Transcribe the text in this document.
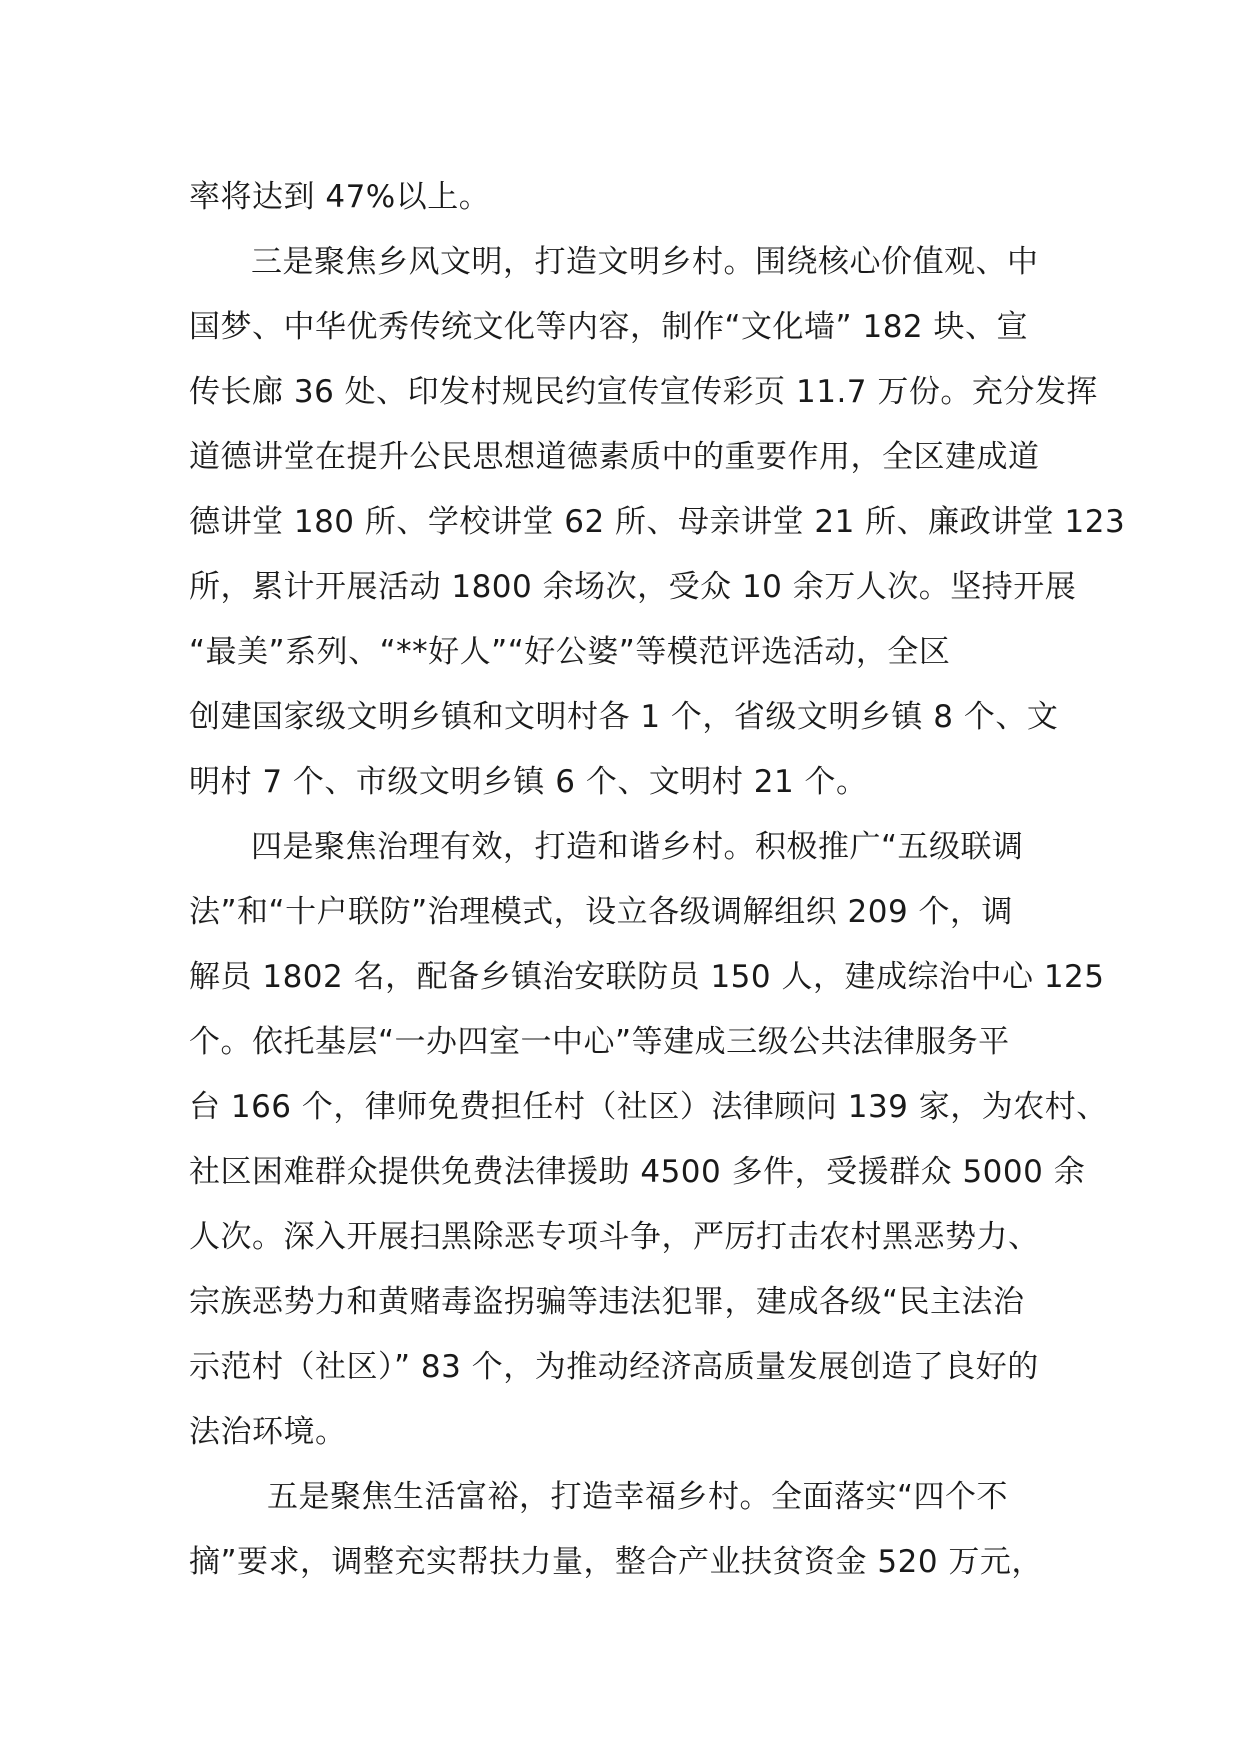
率将达到 47%以上。
三是聚焦乡风文明，打造文明乡村。围绕核心价值观、中
国梦、中华优秀传统文化等内容，制作“文化墙” 182 块、宣
传长廊 36 处、印发村规民约宣传宣传彩页 11.7 万份。充分发挥
道德讲堂在提升公民思想道德素质中的重要作用，全区建成道
德讲堂 180 所、学校讲堂 62 所、母亲讲堂 21 所、廉政讲堂 123
所，累计开展活动 1800 余场次，受众 10 余万人次。坚持开展
“最美”系列、“**好人”“好公婆”等模范评选活动，全区
创建国家级文明乡镇和文明村各 1 个，省级文明乡镇 8 个、文
明村 7 个、市级文明乡镇 6 个、文明村 21 个。
四是聚焦治理有效，打造和谐乡村。积极推广“五级联调
法”和“十户联防”治理模式，设立各级调解组织 209 个，调
解员 1802 名，配备乡镇治安联防员 150 人，建成综治中心 125
个。依托基层“一办四室一中心”等建成三级公共法律服务平
台 166 个，律师免费担任村（社区）法律顾问 139 家，为农村、
社区困难群众提供免费法律援助 4500 多件，受援群众 5000 余
人次。深入开展扫黑除恶专项斗争，严厉打击农村黑恶势力、
宗族恶势力和黄赌毒盗拐骗等违法犯罪，建成各级“民主法治
示范村（社区）” 83 个，为推动经济高质量发展创造了良好的
法治环境。
五是聚焦生活富裕，打造幸福乡村。全面落实“四个不
摘”要求，调整充实帮扶力量，整合产业扶贫资金 520 万元，
